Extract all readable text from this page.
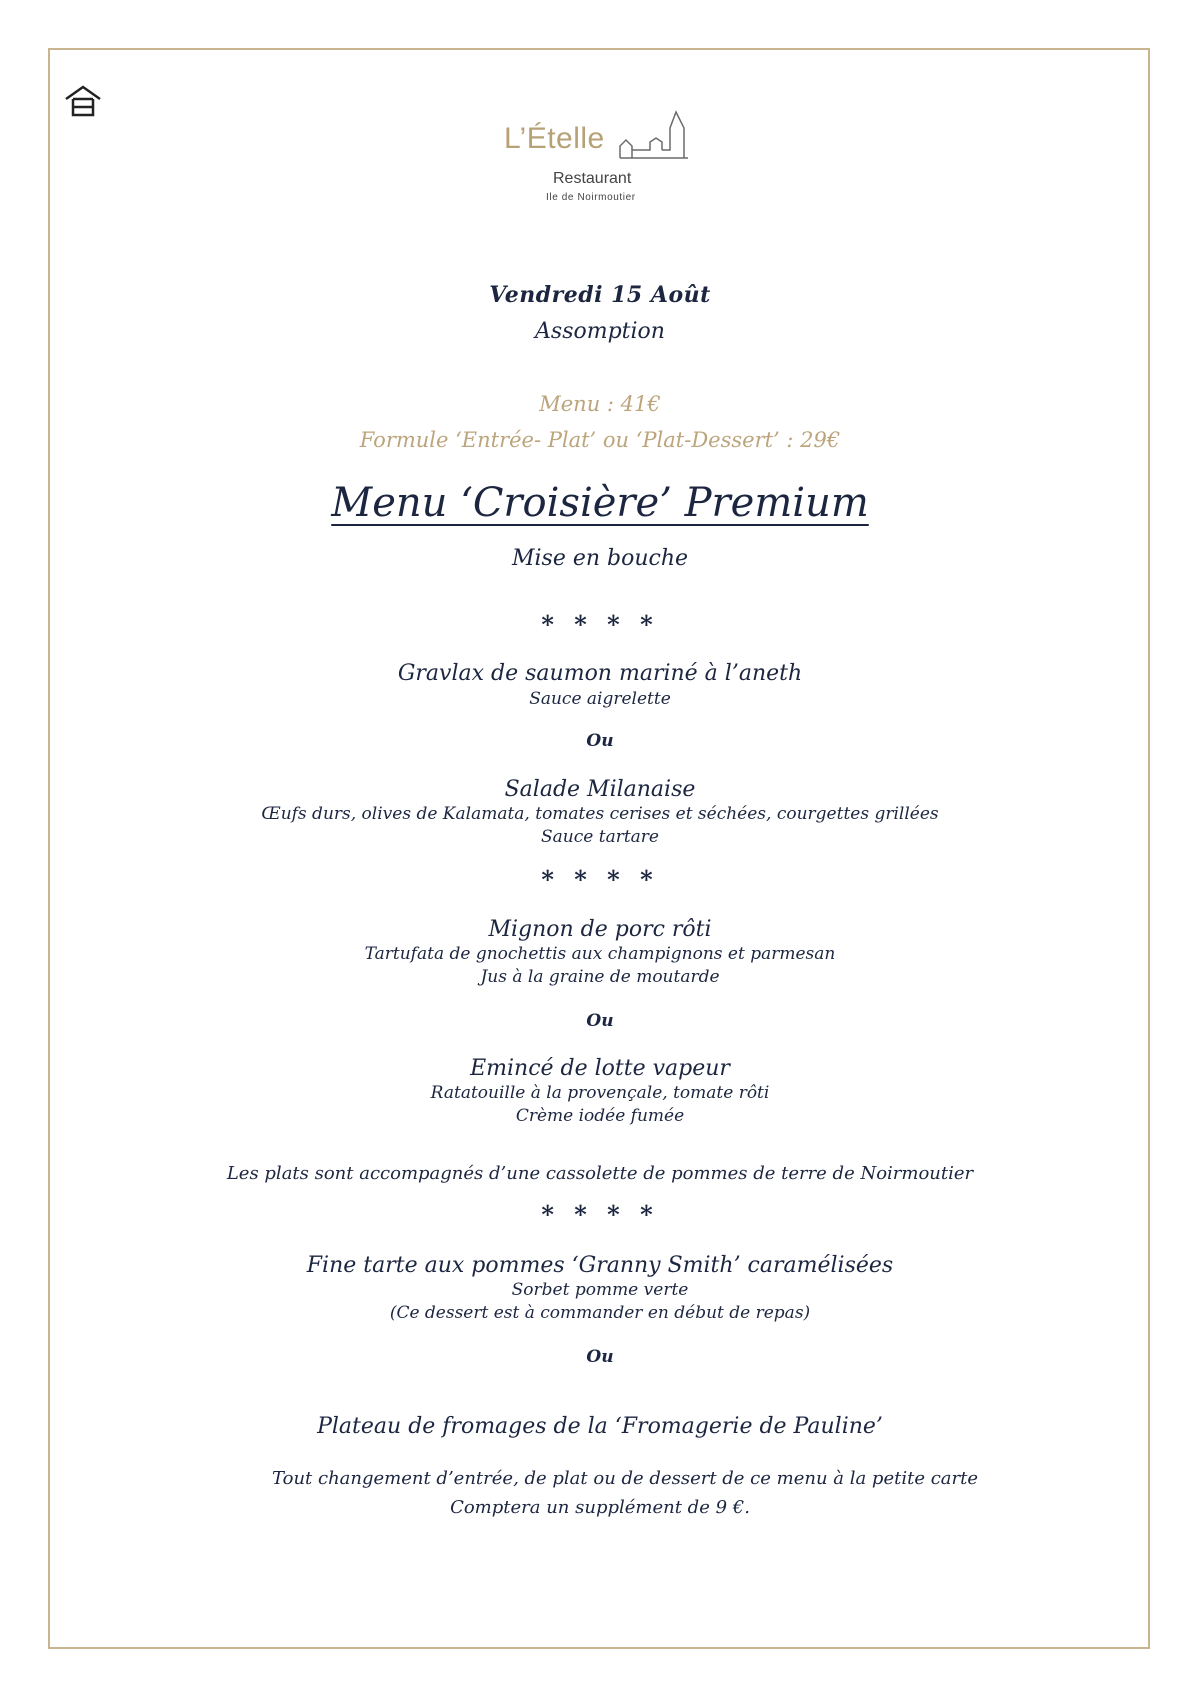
L’Ételle
Restaurant
Ile de Noirmoutier
Vendredi 15 Août
Assomption
Menu : 41€
Formule ‘Entrée- Plat’ ou ‘Plat-Dessert’ : 29€
Menu ‘Croisière’ Premium
Mise en bouche
* * * *
Gravlax de saumon mariné à l’aneth
Sauce aigrelette
Ou
Salade Milanaise
Œufs durs, olives de Kalamata, tomates cerises et séchées, courgettes grillées
Sauce tartare
* * * *
Mignon de porc rôti
Tartufata de gnochettis aux champignons et parmesan
Jus à la graine de moutarde
Ou
Emincé de lotte vapeur
Ratatouille à la provençale, tomate rôti
Crème iodée fumée
Les plats sont accompagnés d’une cassolette de pommes de terre de Noirmoutier
* * * *
Fine tarte aux pommes ‘Granny Smith’ caramélisées
Sorbet pomme verte
(Ce dessert est à commander en début de repas)
Ou
Plateau de fromages de la ‘Fromagerie de Pauline’
Tout changement d’entrée, de plat ou de dessert de ce menu à la petite carte
Comptera un supplément de 9 €.
